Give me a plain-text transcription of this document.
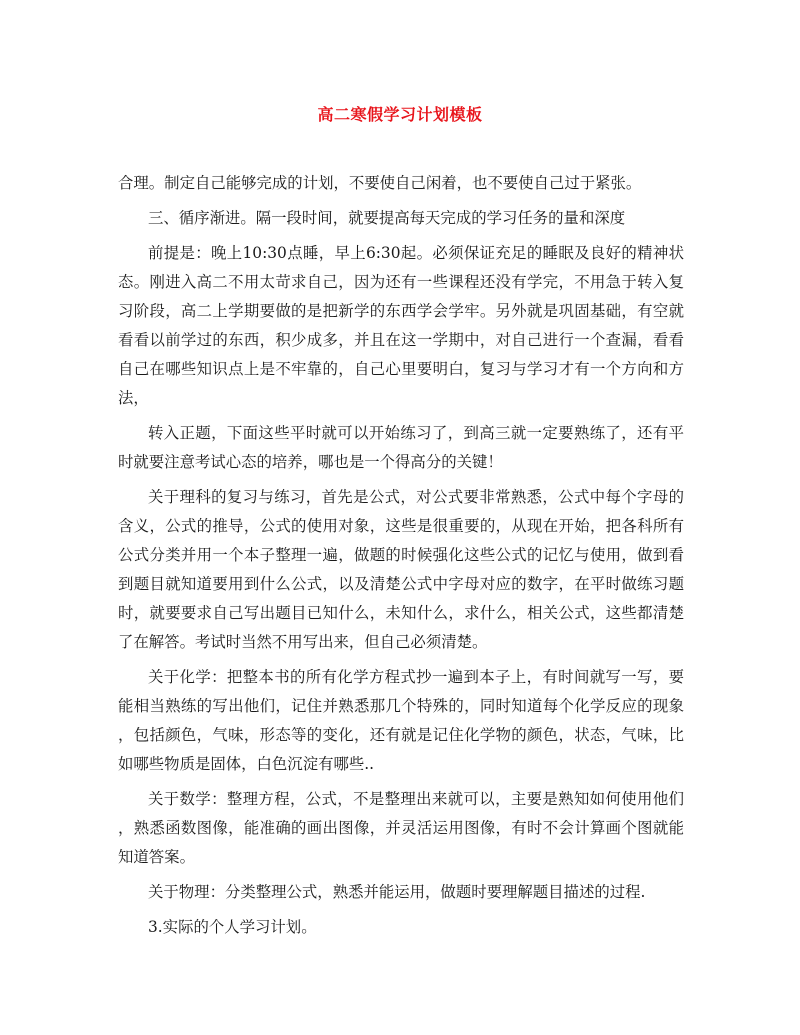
高二寒假学习计划模板
合理。制定自己能够完成的计划，不要使自己闲着，也不要使自己过于紧张。
三、循序渐进。隔一段时间，就要提高每天完成的学习任务的量和深度
前提是：晚上10:30点睡，早上6:30起。必须保证充足的睡眠及良好的精神状
态。刚进入高二不用太苛求自己，因为还有一些课程还没有学完，不用急于转入复
习阶段，高二上学期要做的是把新学的东西学会学牢。另外就是巩固基础，有空就
看看以前学过的东西，积少成多，并且在这一学期中，对自己进行一个查漏，看看
自己在哪些知识点上是不牢靠的，自己心里要明白，复习与学习才有一个方向和方
法，
转入正题，下面这些平时就可以开始练习了，到高三就一定要熟练了，还有平
时就要注意考试心态的培养，哪也是一个得高分的关键！
关于理科的复习与练习，首先是公式，对公式要非常熟悉，公式中每个字母的
含义，公式的推导，公式的使用对象，这些是很重要的，从现在开始，把各科所有
公式分类并用一个本子整理一遍，做题的时候强化这些公式的记忆与使用，做到看
到题目就知道要用到什么公式，以及清楚公式中字母对应的数字，在平时做练习题
时，就要要求自己写出题目已知什么，未知什么，求什么，相关公式，这些都清楚
了在解答。考试时当然不用写出来，但自己必须清楚。
关于化学：把整本书的所有化学方程式抄一遍到本子上，有时间就写一写，要
能相当熟练的写出他们，记住并熟悉那几个特殊的，同时知道每个化学反应的现象
，包括颜色，气味，形态等的变化，还有就是记住化学物的颜色，状态，气味，比
如哪些物质是固体，白色沉淀有哪些..
关于数学：整理方程，公式，不是整理出来就可以，主要是熟知如何使用他们
，熟悉函数图像，能准确的画出图像，并灵活运用图像，有时不会计算画个图就能
知道答案。
关于物理：分类整理公式，熟悉并能运用，做题时要理解题目描述的过程.
3.实际的个人学习计划。
